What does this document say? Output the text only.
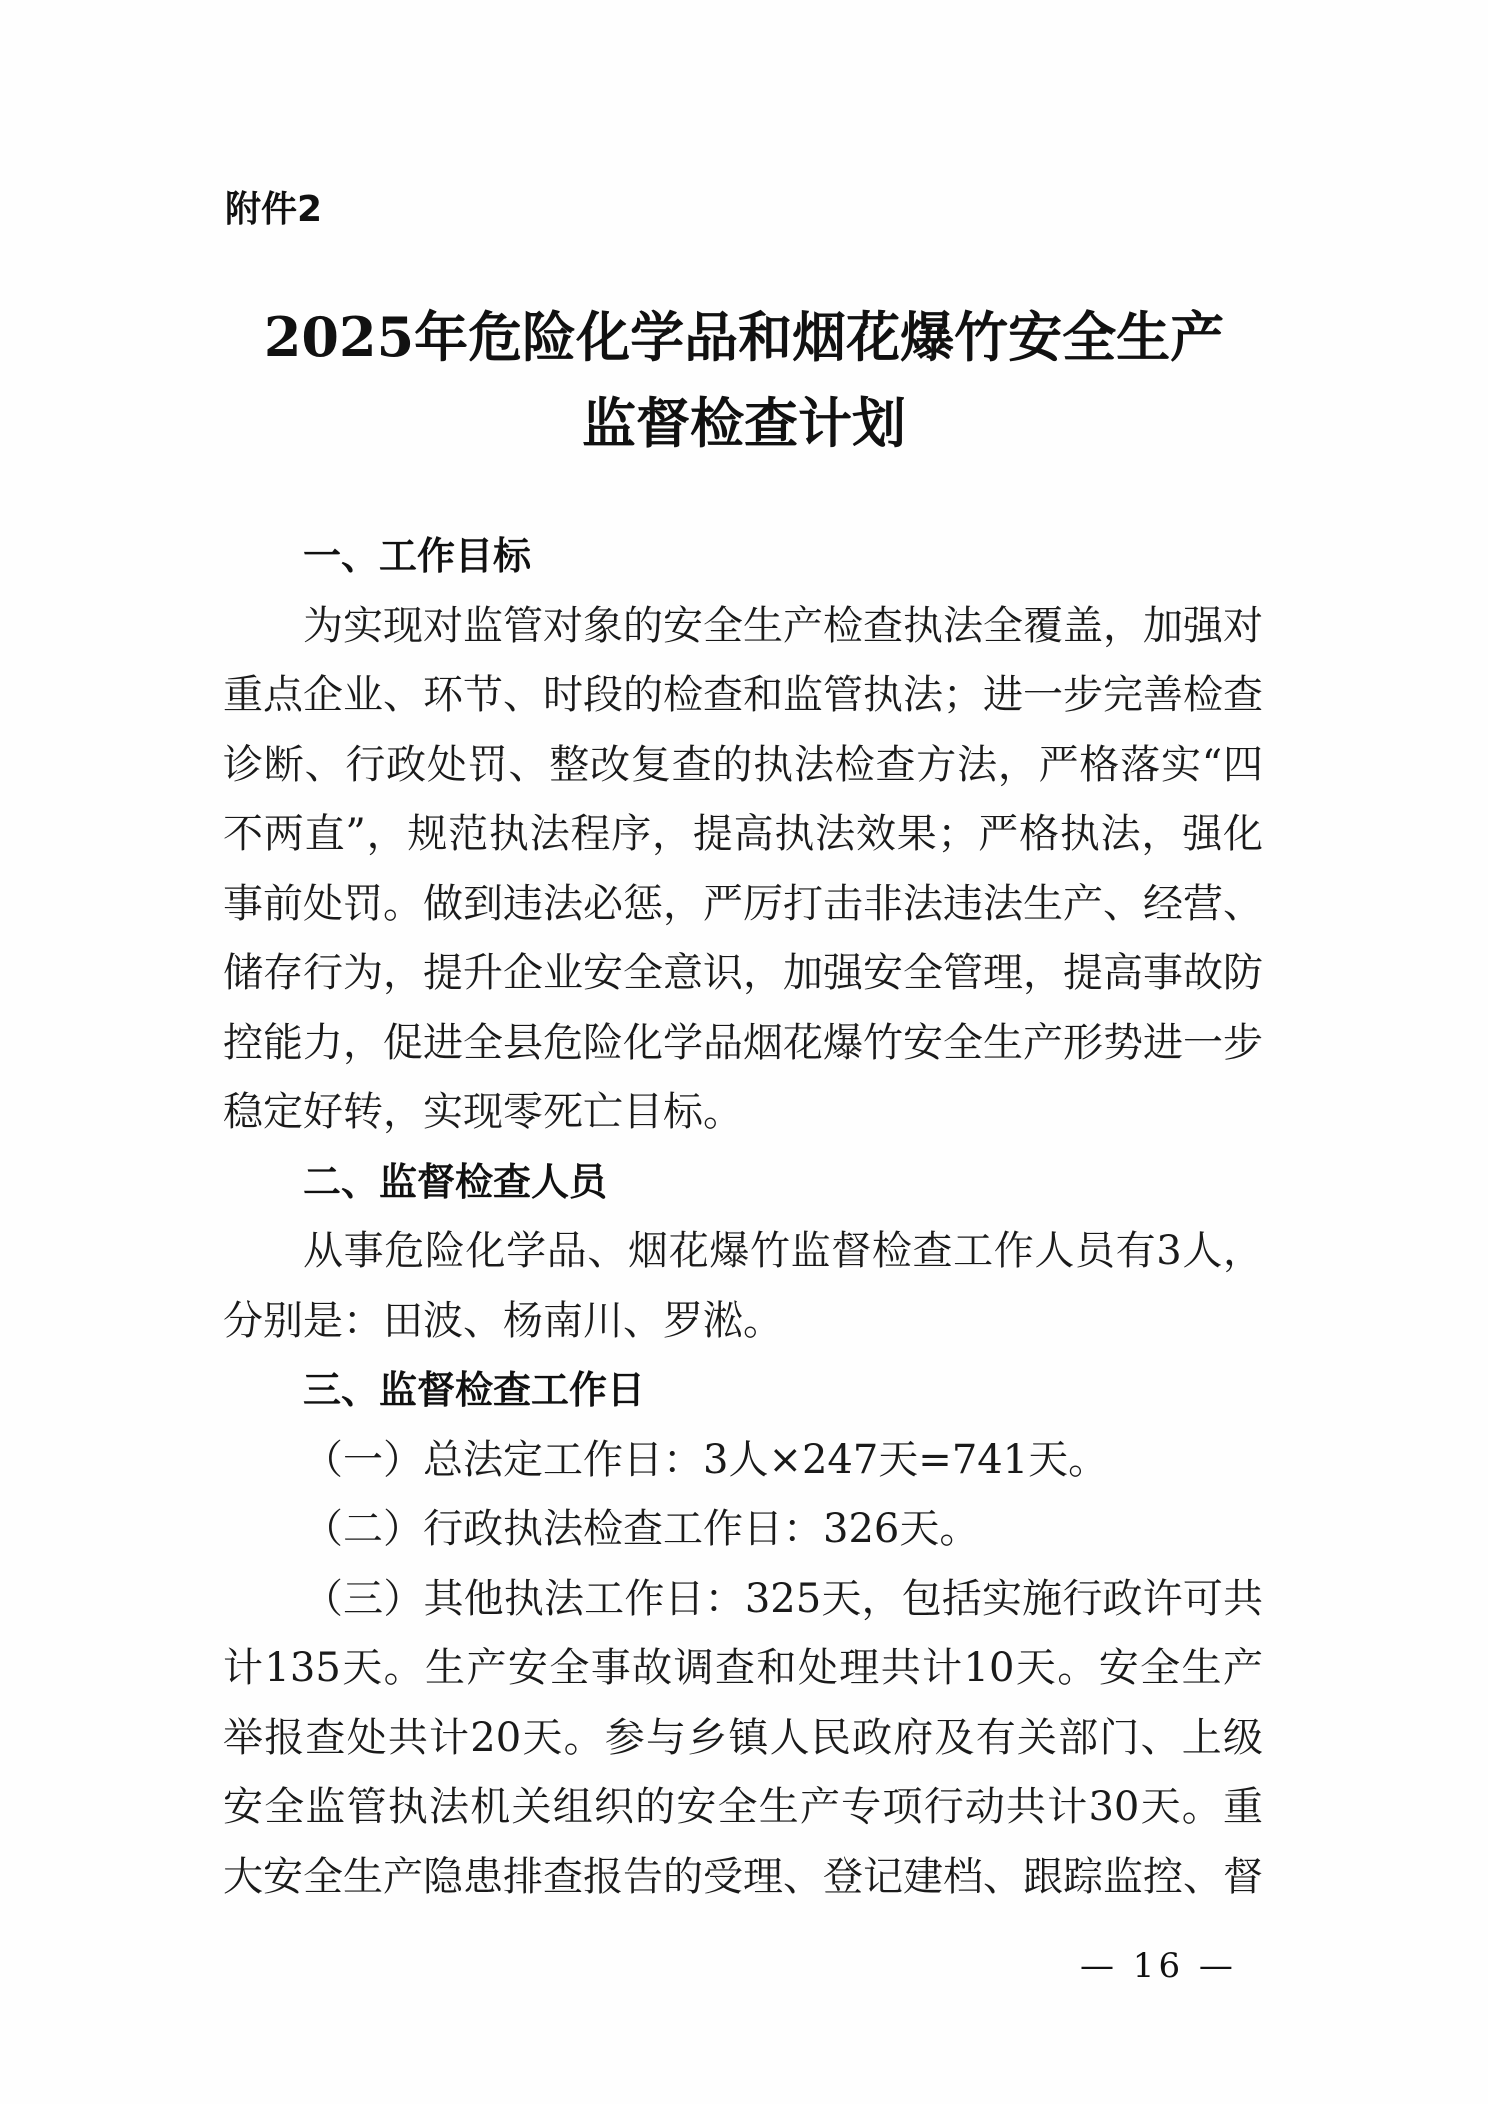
附件2
2025年危险化学品和烟花爆竹安全生产
监督检查计划
一、工作目标

为实现对监管对象的安全生产检查执法全覆盖，加强对重点企业、环节、时段的检查和监管执法；进一步完善检查诊断、行政处罚、整改复查的执法检查方法，严格落实“四不两直”，规范执法程序，提高执法效果；严格执法，强化事前处罚。做到违法必惩，严厉打击非法违法生产、经营、储存行为，提升企业安全意识，加强安全管理，提高事故防控能力，促进全县危险化学品烟花爆竹安全生产形势进一步稳定好转，实现零死亡目标。

二、监督检查人员

从事危险化学品、烟花爆竹监督检查工作人员有3人，分别是：田波、杨南川、罗淞。

三、监督检查工作日

（一）总法定工作日：3人×247天=741天。

（二）行政执法检查工作日：326天。

（三）其他执法工作日：325天，包括实施行政许可共计135天。生产安全事故调查和处理共计10天。安全生产举报查处共计20天。参与乡镇人民政府及有关部门、上级安全监管执法机关组织的安全生产专项行动共计30天。重大安全生产隐患排查报告的受理、登记建档、跟踪监控、督

— 16 —
